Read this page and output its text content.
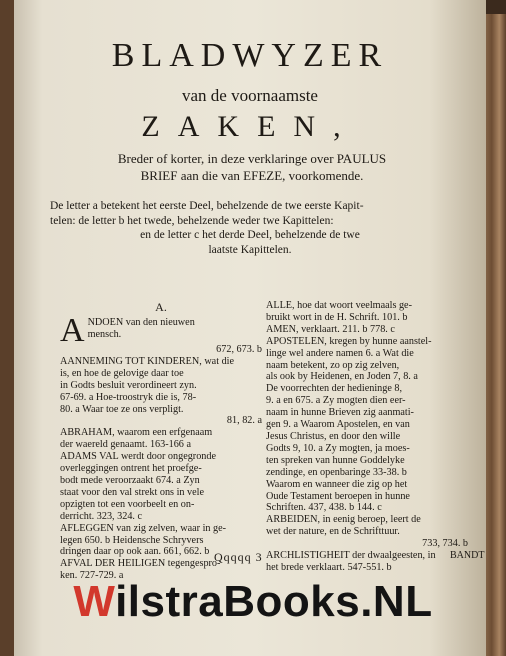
BLADWYZER
van de voornaamste
ZAKEN,
Breder of korter, in deze verklaringe over PAULUS
BRIEF aan die van EFEZE, voorkomende.
De letter a betekent het eerste Deel, behelzende de twe eerste Kapit-
telen: de letter b het twede, behelzende weder twe Kapittelen:
en de letter c het derde Deel, behelzende de twe
laatste Kapittelen.
A.
A NDOEN van den nieuwen
mensch.
672, 673. b
AANNEMING TOT KINDEREN, wat die
is, en hoe de gelovige daar toe
in Godts besluit verordineert zyn.
67-69. a Hoe-troostryk die is, 78-
80. a Waar toe ze ons verpligt.
81, 82. a
ABRAHAM, waarom een erfgenaam
der waereld genaamt. 163-166 a
ADAMS VAL werdt door ongegronde
overleggingen ontrent het proefge-
bodt mede veroorzaakt 674. a Zyn
staat voor den val strekt ons in vele
opzigten tot een voorbeelt en on-
derricht. 323, 324. c
AFLEGGEN van zig zelven, waar in ge-
legen 650. b Heidensche Schryvers
dringen daar op ook aan. 661, 662. b
AFVAL DER HEILIGEN tegengespro-
ken. 727-729. a
ALLE, hoe dat woort veelmaals ge-
bruikt wort in de H. Schrift. 101. b
AMEN, verklaart. 211. b 778. c
APOSTELEN, kregen by hunne aanstel-
linge wel andere namen 6. a Wat die
naam betekent, zo op zig zelven,
als ook by Heidenen, en Joden 7, 8. a
De voorrechten der hedieninge 8,
9. a en 675. a Zy mogten dien eer-
naam in hunne Brieven zig aanmati-
gen 9. a Waarom Apostelen, en van
Jesus Christus, en door den wille
Godts 9, 10. a Zy mogten, ja moes-
ten spreken van hunne Goddelyke
zendinge, en openbaringe 33-38. b
Waarom en wanneer die zig op het
Oude Testament beroepen in hunne
Schriften. 437, 438. b 144. c
ARBEIDEN, in eenig beroep, leert de
wet der nature, en de Schrifttuur.
733, 734. b
ARCHLISTIGHEIT der dwaalgeesten, in
het brede verklaart. 547-551. b
Qqqqq 3	BANDT
WilstraBooks.NL
